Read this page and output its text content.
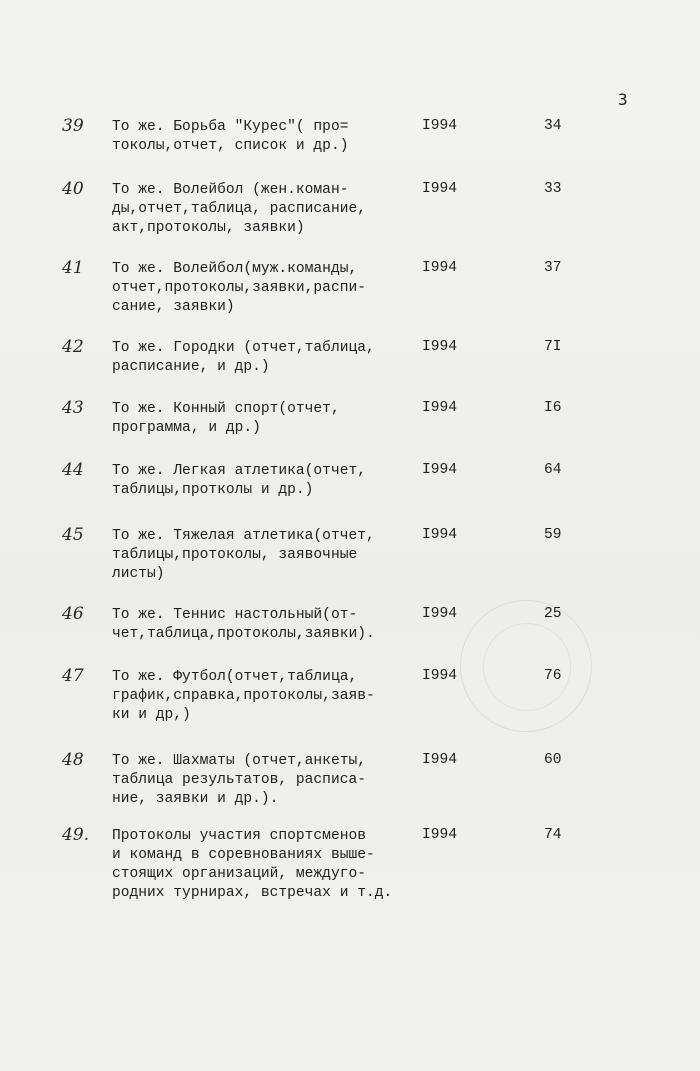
3
39 То же. Борьба "Курес"( про=
токолы,отчет, список и др.)
I994	34
40 То же. Волейбол (жен.коман-
ды,отчет,таблица, расписание,
акт,протоколы, заявки)
I994	33
41 То же. Волейбол(муж.команды,
отчет,протоколы,заявки,распи-
сание, заявки)
I994	37
42 То же. Городки (отчет,таблица,
расписание, и др.)
I994	7I
43 То же. Конный спорт(отчет,
программа, и др.)
I994	I6
44 То же. Легкая атлетика(отчет,
таблицы,проткoлы и др.)
I994	64
45 То же. Тяжелая атлетика(отчет,
таблицы,протоколы, заявочные
листы)
I994	59
46 То же. Теннис настольный(от-
чет,таблица,протоколы,заявки).
I994	25
47 То же. Футбол(отчет,таблица,
график,справка,протоколы,заяв-
ки и др,)
I994	76
48 То же. Шахматы (отчет,анкеты,
таблица результатов, расписа-
ние, заявки и др.).
I994	60
49. Протоколы участия спортсменов
и команд в соревнованиях выше-
стоящих организаций, междуго-
родних турнирах, встречах и т.д.
I994	74
